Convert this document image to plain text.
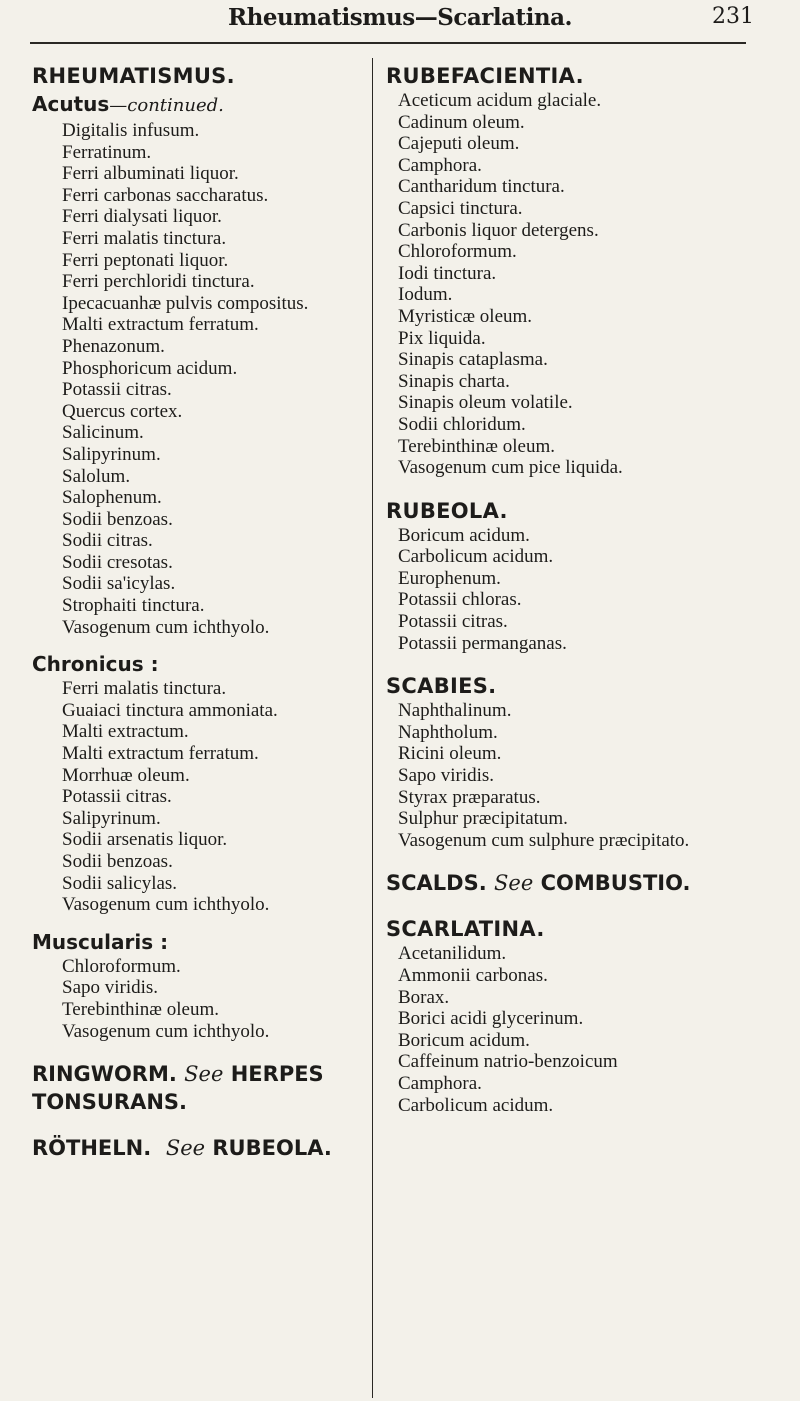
Rheumatismus—Scarlatina.	231
RHEUMATISMUS.
Acutus—continued.
Digitalis infusum.
Ferratinum.
Ferri albuminati liquor.
Ferri carbonas saccharatus.
Ferri dialysati liquor.
Ferri malatis tinctura.
Ferri peptonati liquor.
Ferri perchloridi tinctura.
Ipecacuanhæ pulvis compositus.
Malti extractum ferratum.
Phenazonum.
Phosphoricum acidum.
Potassii citras.
Quercus cortex.
Salicinum.
Salipyrinum.
Salolum.
Salophenum.
Sodii benzoas.
Sodii citras.
Sodii cresotas.
Sodii sa'icylas.
Strophaiti tinctura.
Vasogenum cum ichthyolo.
Chronicus :
Ferri malatis tinctura.
Guaiaci tinctura ammoniata.
Malti extractum.
Malti extractum ferratum.
Morrhuæ oleum.
Potassii citras.
Salipyrinum.
Sodii arsenatis liquor.
Sodii benzoas.
Sodii salicylas.
Vasogenum cum ichthyolo.
Muscularis :
Chloroformum.
Sapo viridis.
Terebinthinæ oleum.
Vasogenum cum ichthyolo.
RINGWORM. See HERPES TONSURANS.
RÖTHELN. See RUBEOLA.
RUBEFACIENTIA.
Aceticum acidum glaciale.
Cadinum oleum.
Cajeputi oleum.
Camphora.
Cantharidum tinctura.
Capsici tinctura.
Carbonis liquor detergens.
Chloroformum.
Iodi tinctura.
Iodum.
Myristicæ oleum.
Pix liquida.
Sinapis cataplasma.
Sinapis charta.
Sinapis oleum volatile.
Sodii chloridum.
Terebinthinæ oleum.
Vasogenum cum pice liquida.
RUBEOLA.
Boricum acidum.
Carbolicum acidum.
Europhenum.
Potassii chloras.
Potassii citras.
Potassii permanganas.
SCABIES.
Naphthalinum.
Naphtholum.
Ricini oleum.
Sapo viridis.
Styrax præparatus.
Sulphur præcipitatum.
Vasogenum cum sulphure præcipitato.
SCALDS. See COMBUSTIO.
SCARLATINA.
Acetanilidum.
Ammonii carbonas.
Borax.
Borici acidi glycerinum.
Boricum acidum.
Caffeinum natrio-benzoicum
Camphora.
Carbolicum acidum.
